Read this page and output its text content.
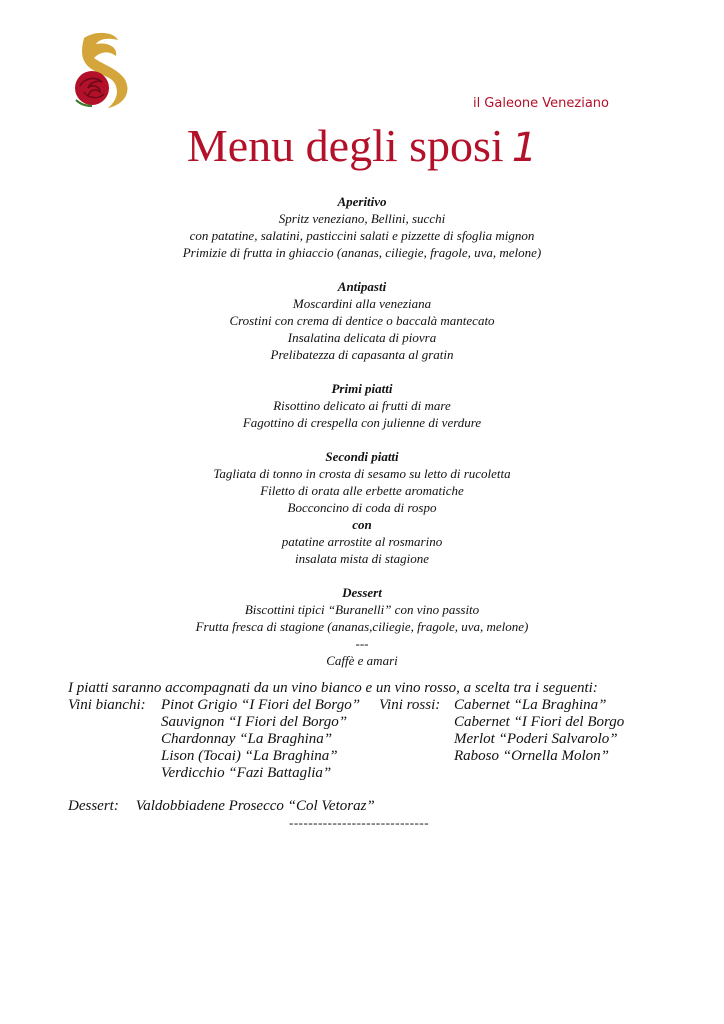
il Galeone Veneziano
Menu degli sposi 1
Aperitivo
Spritz veneziano, Bellini, succhi
con patatine, salatini, pasticcini salati e pizzette di sfoglia mignon
Primizie di frutta in ghiaccio (ananas, ciliegie, fragole, uva, melone)
Antipasti
Moscardini alla veneziana
Crostini con crema di dentice o baccalà mantecato
Insalatina delicata di piovra
Prelibatezza di capasanta al gratin
Primi piatti
Risottino delicato ai frutti di mare
Fagottino di crespella con julienne di verdure
Secondi piatti
Tagliata di tonno in crosta di sesamo su letto di rucoletta
Filetto di orata alle erbette aromatiche
Bocconcino di coda di rospo
con
patatine arrostite al rosmarino
insalata mista di stagione
Dessert
Biscottini tipici “Buranelli” con vino passito
Frutta fresca di stagione (ananas,ciliegie, fragole, uva, melone)
---
Caffè e amari
I piatti saranno accompagnati da un vino bianco e un vino rosso, a scelta tra i seguenti:
Vini bianchi: Pinot Grigio “I Fiori del Borgo” Vini rossi: Cabernet “La Braghina”
Sauvignon “I Fiori del Borgo”	Cabernet “I Fiori del Borgo
Chardonnay “La Braghina”	Merlot “Poderi Salvarolo”
Lison (Tocai) “La Braghina”	Raboso “Ornella Molon”
Verdicchio “Fazi Battaglia”
Dessert: Valdobbiadene Prosecco “Col Vetoraz”
-----------------------------
